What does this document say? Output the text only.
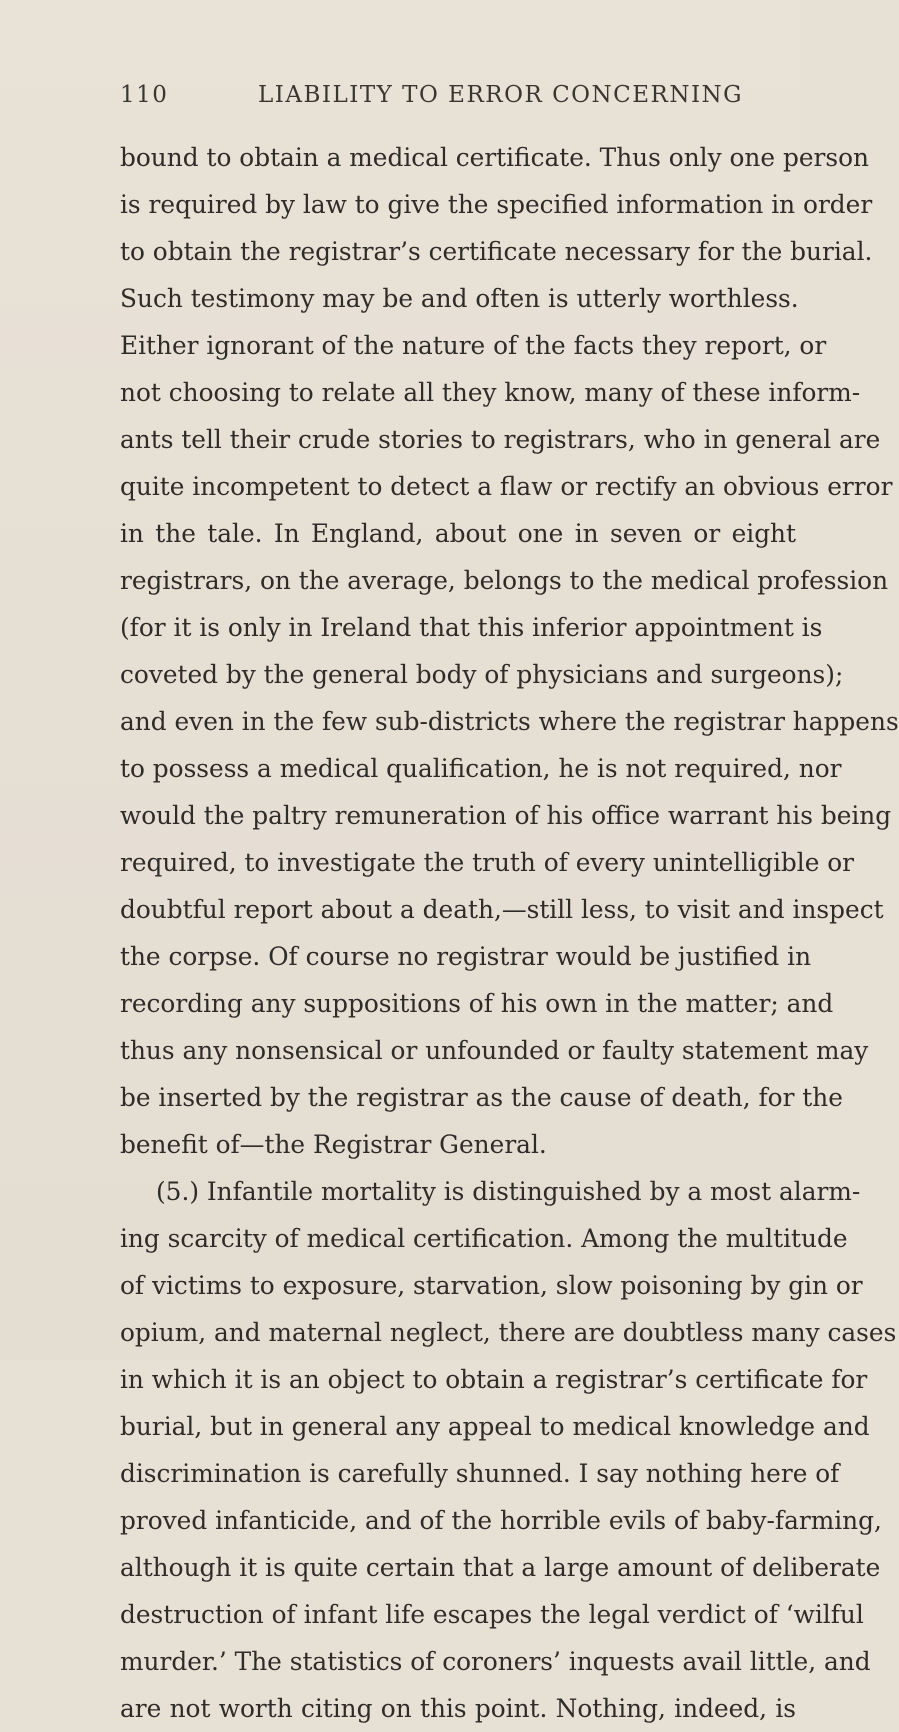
110	LIABILITY TO ERROR CONCERNING
bound to obtain a medical certificate. Thus only one person
is required by law to give the specified information in order
to obtain the registrar’s certificate necessary for the burial.
Such testimony may be and often is utterly worthless.
Either ignorant of the nature of the facts they report, or
not choosing to relate all they know, many of these inform-
ants tell their crude stories to registrars, who in general are
quite incompetent to detect a flaw or rectify an obvious error
in the tale. In England, about one in seven or eight
registrars, on the average, belongs to the medical profession
(for it is only in Ireland that this inferior appointment is
coveted by the general body of physicians and surgeons);
and even in the few sub-districts where the registrar happens
to possess a medical qualification, he is not required, nor
would the paltry remuneration of his office warrant his being
required, to investigate the truth of every unintelligible or
doubtful report about a death,—still less, to visit and inspect
the corpse. Of course no registrar would be justified in
recording any suppositions of his own in the matter; and
thus any nonsensical or unfounded or faulty statement may
be inserted by the registrar as the cause of death, for the
benefit of—the Registrar General.
(5.) Infantile mortality is distinguished by a most alarm-
ing scarcity of medical certification. Among the multitude
of victims to exposure, starvation, slow poisoning by gin or
opium, and maternal neglect, there are doubtless many cases
in which it is an object to obtain a registrar’s certificate for
burial, but in general any appeal to medical knowledge and
discrimination is carefully shunned. I say nothing here of
proved infanticide, and of the horrible evils of baby-farming,
although it is quite certain that a large amount of deliberate
destruction of infant life escapes the legal verdict of ‘wilful
murder.’ The statistics of coroners’ inquests avail little, and
are not worth citing on this point. Nothing, indeed, is
